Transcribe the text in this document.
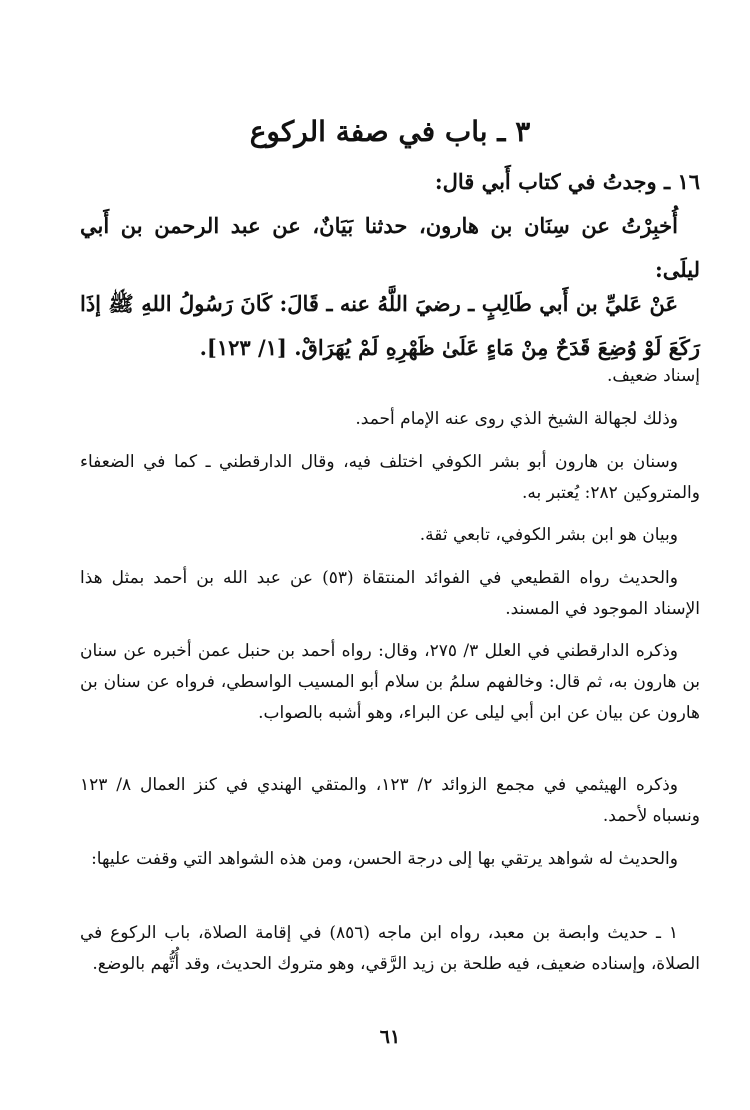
٣ ـ باب في صفة الركوع
١٦ ـ وجدتُ في كتاب أَبي قال:
أُخبِرْتُ عن سِنَان بن هارون، حدثنا بَيَانٌ، عن عبد الرحمن بن أَبي ليلَى:
عَنْ عَليِّ بن أَبي طَالِبٍ ـ رضيَ اللَّهُ عنه ـ قَالَ: كَانَ رَسُولُ اللهِ ﷺ إذَا رَكَعَ لَوْ وُضِعَ قَدَحٌ مِنْ مَاءٍ عَلَىٰ ظَهْرِهِ لَمْ يُهَرَاقْ. [١/ ١٢٣].
إسناد ضعيف.
وذلك لجهالة الشيخ الذي روى عنه الإمام أحمد.
وسنان بن هارون أبو بشر الكوفي اختلف فيه، وقال الدارقطني ـ كما في الضعفاء والمتروكين ٢٨٢: يُعتبر به.
وبيان هو ابن بشر الكوفي، تابعي ثقة.
والحديث رواه القطيعي في الفوائد المنتقاة (٥٣) عن عبد الله بن أحمد بمثل هذا الإسناد الموجود في المسند.
وذكره الدارقطني في العلل ٣/ ٢٧٥، وقال: رواه أحمد بن حنبل عمن أخبره عن سنان بن هارون به، ثم قال: وخالفهم سلمُ بن سلام أبو المسيب الواسطي، فرواه عن سنان بن هارون عن بيان عن ابن أبي ليلى عن البراء، وهو أشبه بالصواب.
وذكره الهيثمي في مجمع الزوائد ٢/ ١٢٣، والمتقي الهندي في كنز العمال ٨/ ١٢٣ ونسباه لأحمد.
والحديث له شواهد يرتقي بها إلى درجة الحسن، ومن هذه الشواهد التي وقفت عليها:
١ ـ حديث وابصة بن معبد، رواه ابن ماجه (٨٥٦) في إقامة الصلاة، باب الركوع في الصلاة، وإسناده ضعيف، فيه طلحة بن زيد الرَّقي، وهو متروك الحديث، وقد أُتُّهم بالوضع.
٦١
